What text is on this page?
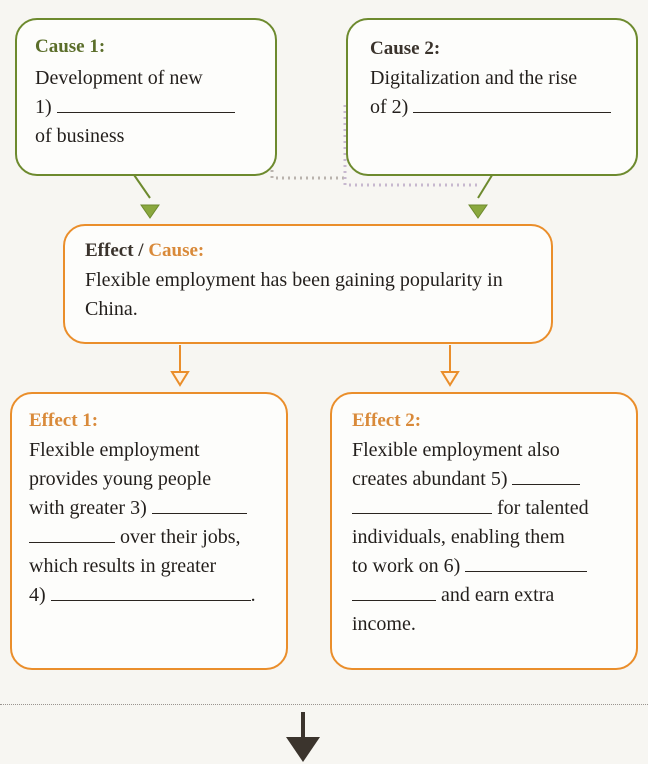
Cause 1:
Development of new
1)
of business
Cause 2:
Digitalization and the rise
of 2)
Effect / Cause:
Flexible employment has been gaining popularity in China.
Effect 1:
Flexible employment
provides young people
with greater 3)
over their jobs,
which results in greater
4)	.
Effect 2:
Flexible employment also
creates abundant 5)
for talented
individuals, enabling them
to work on 6)
and earn extra
income.
